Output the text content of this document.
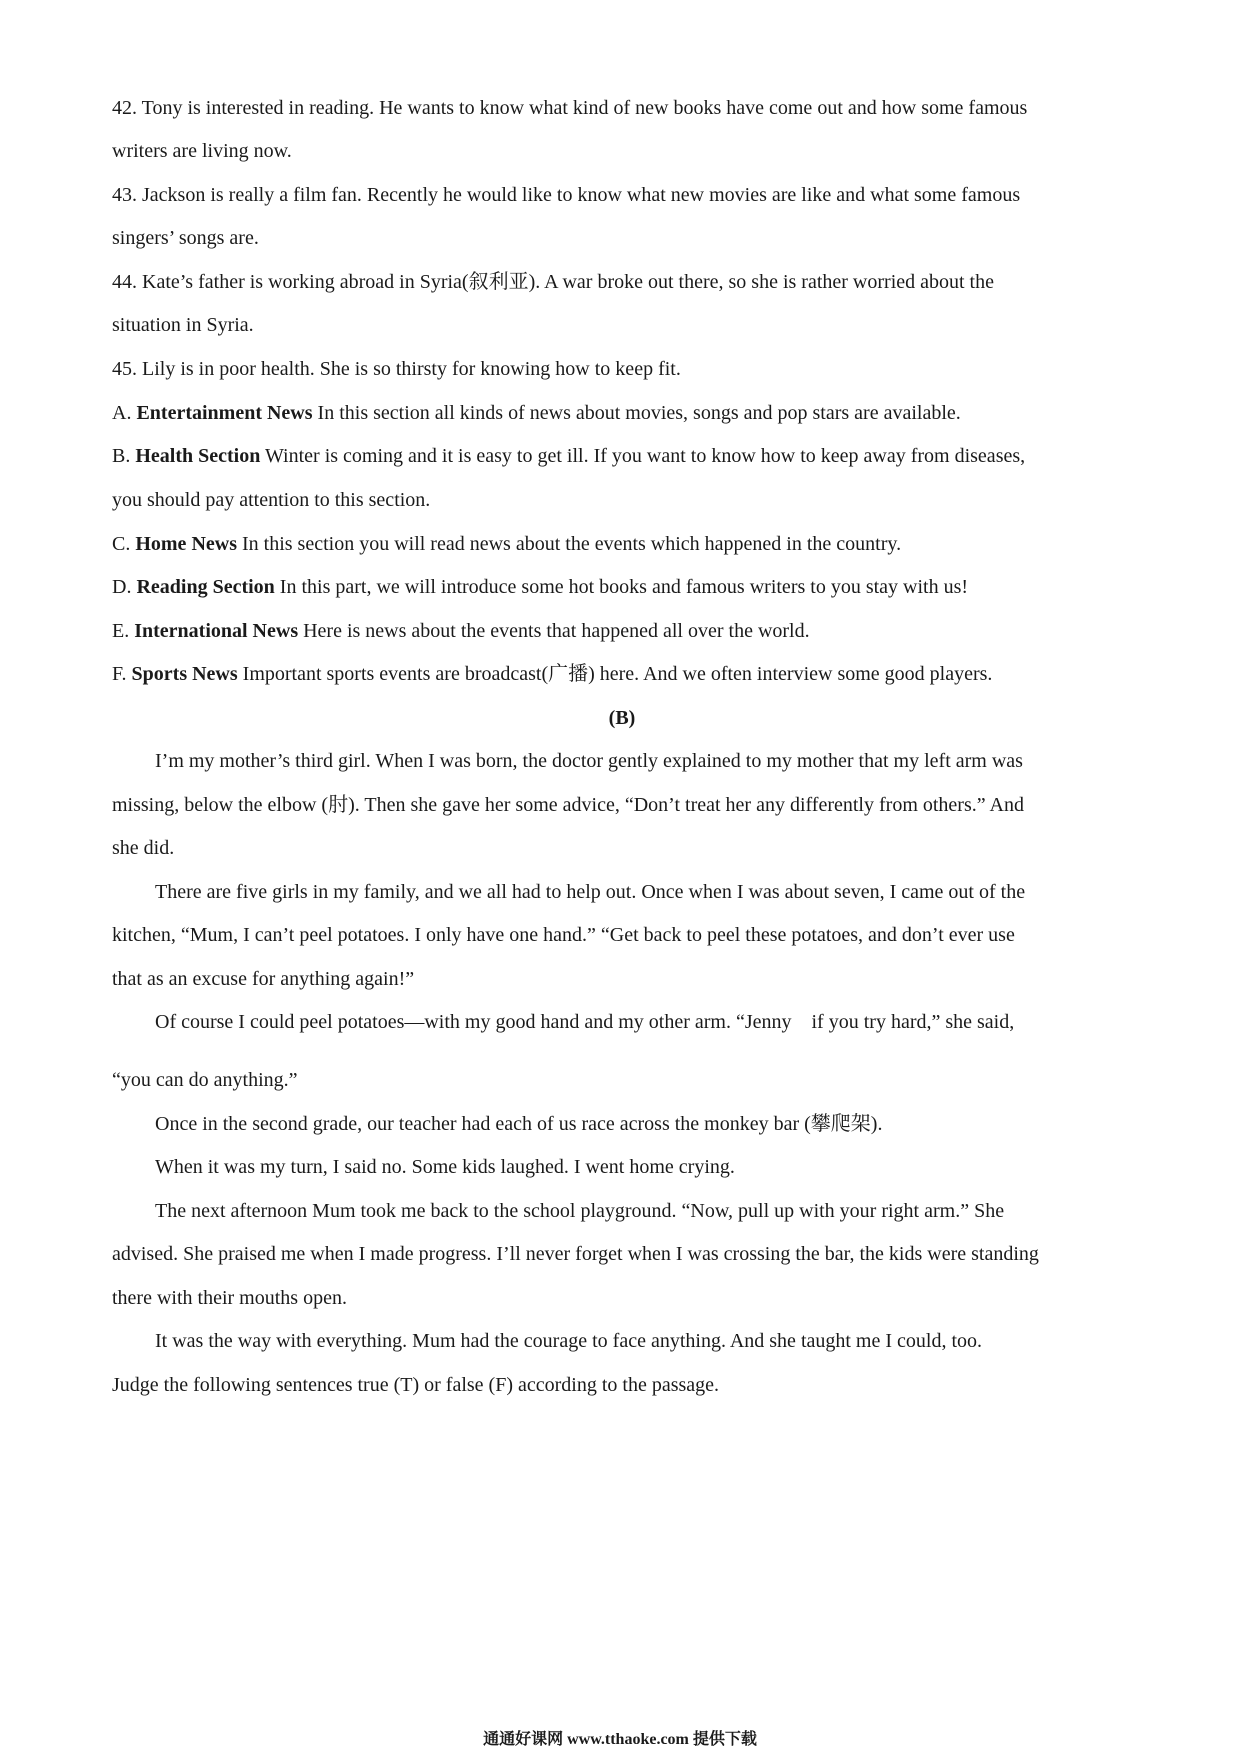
42. Tony is interested in reading. He wants to know what kind of new books have come out and how some famous
writers are living now.
43. Jackson is really a film fan. Recently he would like to know what new movies are like and what some famous
singers’ songs are.
44. Kate’s father is working abroad in Syria(叙利亚). A war broke out there, so she is rather worried about the
situation in Syria.
45. Lily is in poor health. She is so thirsty for knowing how to keep fit.
A. Entertainment News In this section all kinds of news about movies, songs and pop stars are available.
B. Health Section Winter is coming and it is easy to get ill. If you want to know how to keep away from diseases,
you should pay attention to this section.
C. Home News In this section you will read news about the events which happened in the country.
D. Reading Section In this part, we will introduce some hot books and famous writers to you stay with us!
E. International News Here is news about the events that happened all over the world.
F. Sports News Important sports events are broadcast(广播) here. And we often interview some good players.
(B)
I’m my mother’s third girl. When I was born, the doctor gently explained to my mother that my left arm was
missing, below the elbow (肘). Then she gave her some advice, “Don’t treat her any differently from others.” And
she did.
There are five girls in my family, and we all had to help out. Once when I was about seven, I came out of the
kitchen, “Mum, I can’t peel potatoes. I only have one hand.” “Get back to peel these potatoes, and don’t ever use
that as an excuse for anything again!”
Of course I could peel potatoes—with my good hand and my other arm. “Jenny    if you try hard,” she said,
“you can do anything.”
Once in the second grade, our teacher had each of us race across the monkey bar (攀爬架).
When it was my turn, I said no. Some kids laughed. I went home crying.
The next afternoon Mum took me back to the school playground. “Now, pull up with your right arm.” She
advised. She praised me when I made progress. I’ll never forget when I was crossing the bar, the kids were standing
there with their mouths open.
It was the way with everything. Mum had the courage to face anything. And she taught me I could, too.
Judge the following sentences true (T) or false (F) according to the passage.
通通好课网 www.tthaoke.com 提供下载
